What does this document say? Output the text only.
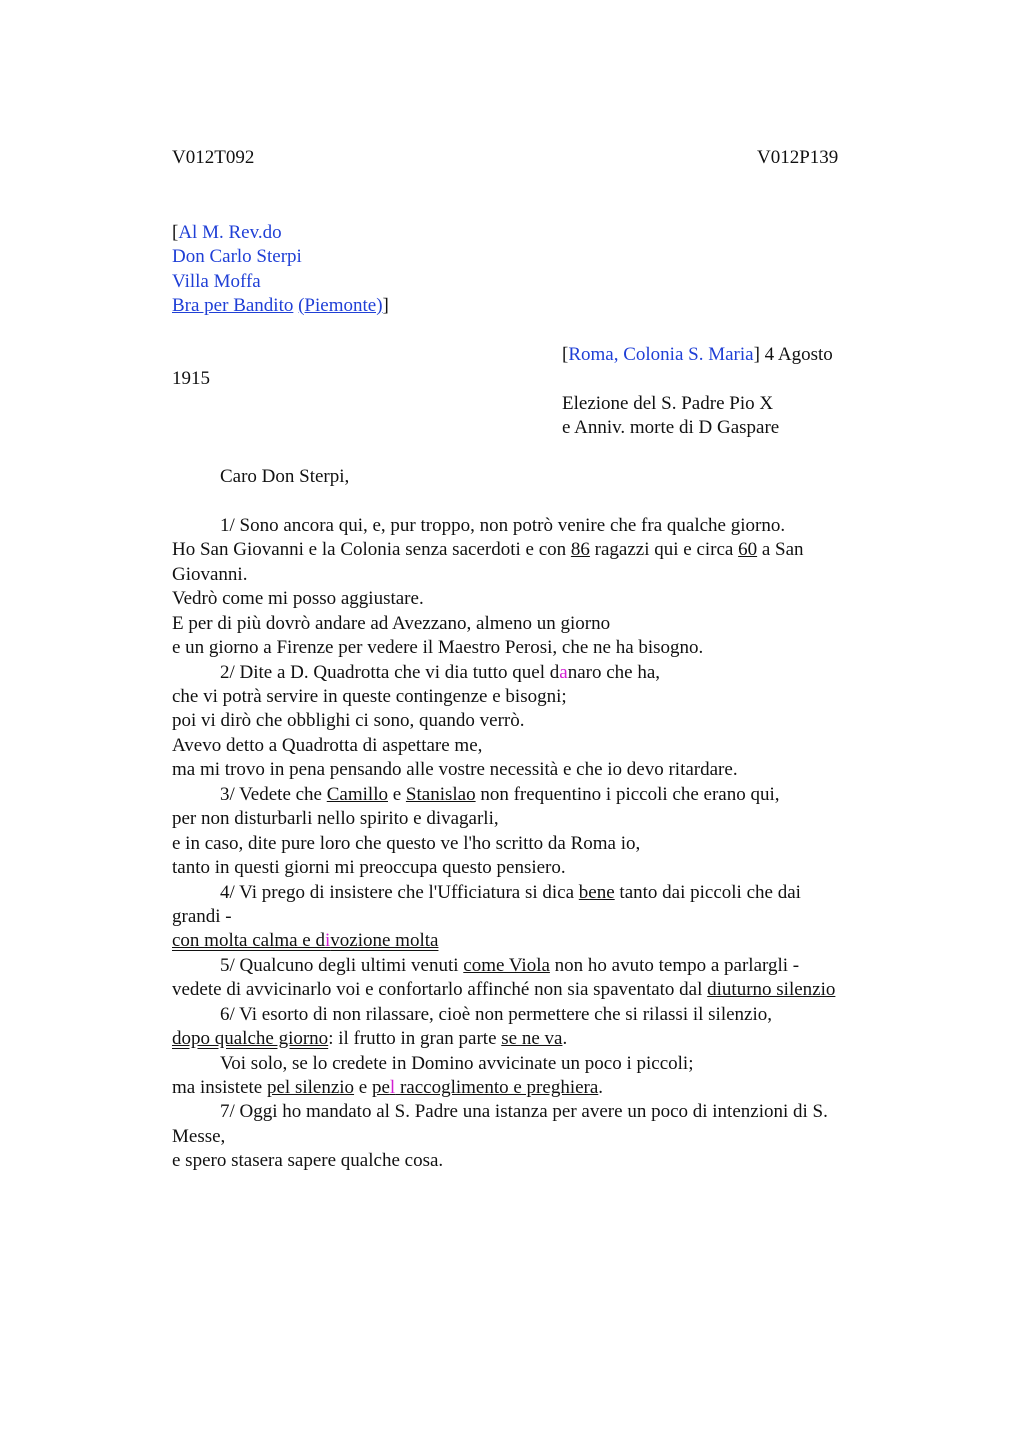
V012T092	V012P139
[Al M. Rev.do
Don Carlo Sterpi
Villa Moffa
Bra per Bandito (Piemonte)]
[Roma, Colonia S. Maria] 4 Agosto
1915
Elezione del S. Padre Pio X
e Anniv. morte di D Gaspare
Caro Don Sterpi,
1/ Sono ancora qui, e, pur troppo, non potrò venire che fra qualche giorno.
Ho San Giovanni e la Colonia senza sacerdoti e con 86 ragazzi qui e circa 60 a San
Giovanni.
Vedrò come mi posso aggiustare.
E per di più dovrò andare ad Avezzano, almeno un giorno
e un giorno a Firenze per vedere il Maestro Perosi, che ne ha bisogno.
2/ Dite a D. Quadrotta che vi dia tutto quel danaro che ha,
che vi potrà servire in queste contingenze e bisogni;
poi vi dirò che obblighi ci sono, quando verrò.
Avevo detto a Quadrotta di aspettare me,
ma mi trovo in pena pensando alle vostre necessità e che io devo ritardare.
3/ Vedete che Camillo e Stanislao non frequentino i piccoli che erano qui,
per non disturbarli nello spirito e divagarli,
e in caso, dite pure loro che questo ve l'ho scritto da Roma io,
tanto in questi giorni mi preoccupa questo pensiero.
4/ Vi prego di insistere che l'Ufficiatura si dica bene tanto dai piccoli che dai
grandi -
con molta calma e divozione molta
5/ Qualcuno degli ultimi venuti come Viola non ho avuto tempo a parlargli -
vedete di avvicinarlo voi e confortarlo affinché non sia spaventato dal diuturno silenzio
6/ Vi esorto di non rilassare, cioè non permettere che si rilassi il silenzio,
dopo qualche giorno: il frutto in gran parte se ne va.
Voi solo, se lo credete in Domino avvicinate un poco i piccoli;
ma insistete pel silenzio e pel raccoglimento e preghiera.
7/ Oggi ho mandato al S. Padre una istanza per avere un poco di intenzioni di S.
Messe,
e spero stasera sapere qualche cosa.
